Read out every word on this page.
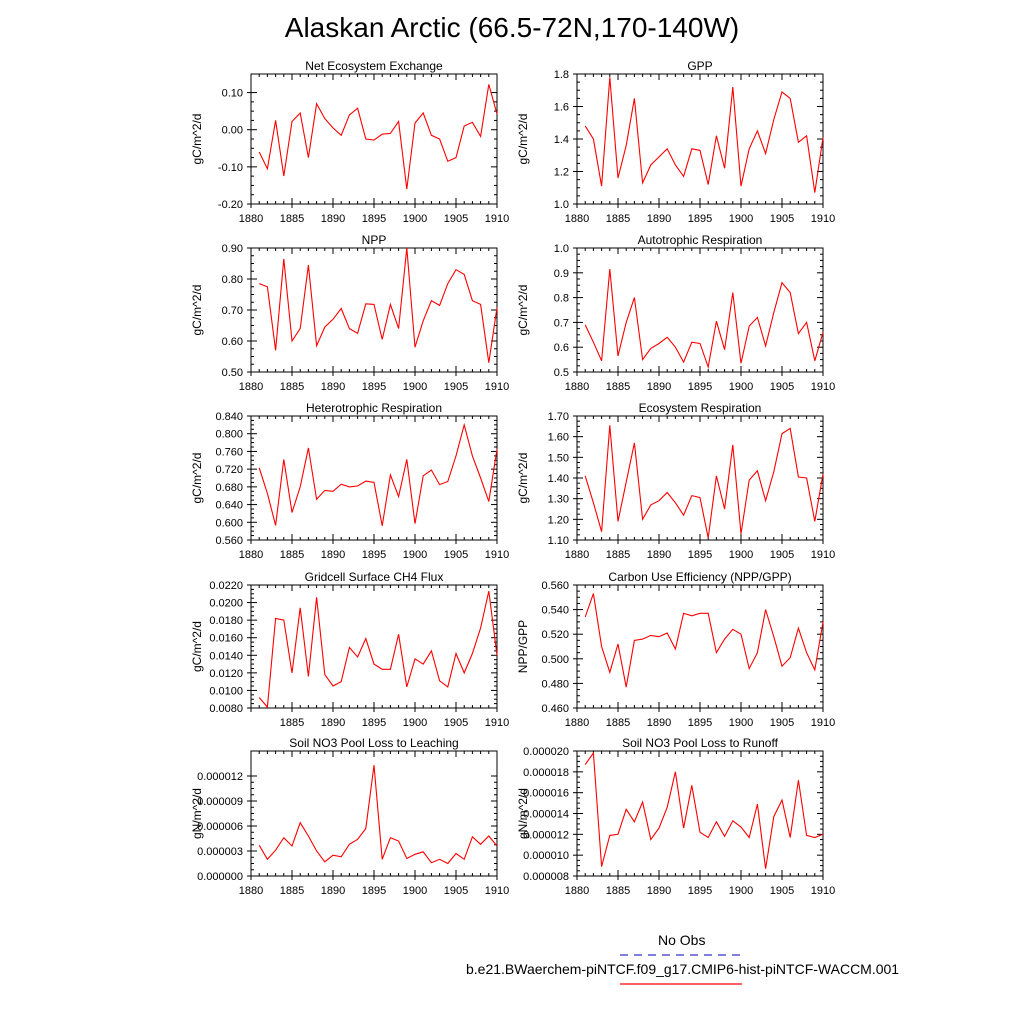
Alaskan Arctic (66.5-72N,170-140W)
Net Ecosystem Exchange
gC/m^2/d
-0.20
-0.10
0.00
0.10
1880 1885 1890 1895 1900 1905 1910
GPP
gC/m^2/d
1.0
1.2
1.4
1.6
1.8
1880 1885 1890 1895 1900 1905 1910
NPP
gC/m^2/d
0.50
0.60
0.70
0.80
0.90
1880 1885 1890 1895 1900 1905 1910
Autotrophic Respiration
gC/m^2/d
0.5
0.6
0.7
0.8
0.9
1.0
1880 1885 1890 1895 1900 1905 1910
Heterotrophic Respiration
gC/m^2/d
0.560
0.600
0.640
0.680
0.720
0.760
0.800
0.840
1880 1885 1890 1895 1900 1905 1910
Ecosystem Respiration
gC/m^2/d
1.10
1.20
1.30
1.40
1.50
1.60
1.70
1880 1885 1890 1895 1900 1905 1910
Gridcell Surface CH4 Flux
gC/m^2/d
0.0080
0.0100
0.0120
0.0140
0.0160
0.0180
0.0200
0.0220
1885 1890 1895 1900 1905 1910
Carbon Use Efficiency (NPP/GPP)
NPP/GPP
0.460
0.480
0.500
0.520
0.540
0.560
1880 1885 1890 1895 1900 1905 1910
Soil NO3 Pool Loss to Leaching
gN/m^2/d
0.000000
0.000003
0.000006
0.000009
0.000012
1880 1885 1890 1895 1900 1905 1910
Soil NO3 Pool Loss to Runoff
gN/m^2/d
0.000008
0.000010
0.000012
0.000014
0.000016
0.000018
0.000020
1880 1885 1890 1895 1900 1905 1910
No Obs
b.e21.BWaerchem-piNTCF.f09_g17.CMIP6-hist-piNTCF-WACCM.001
